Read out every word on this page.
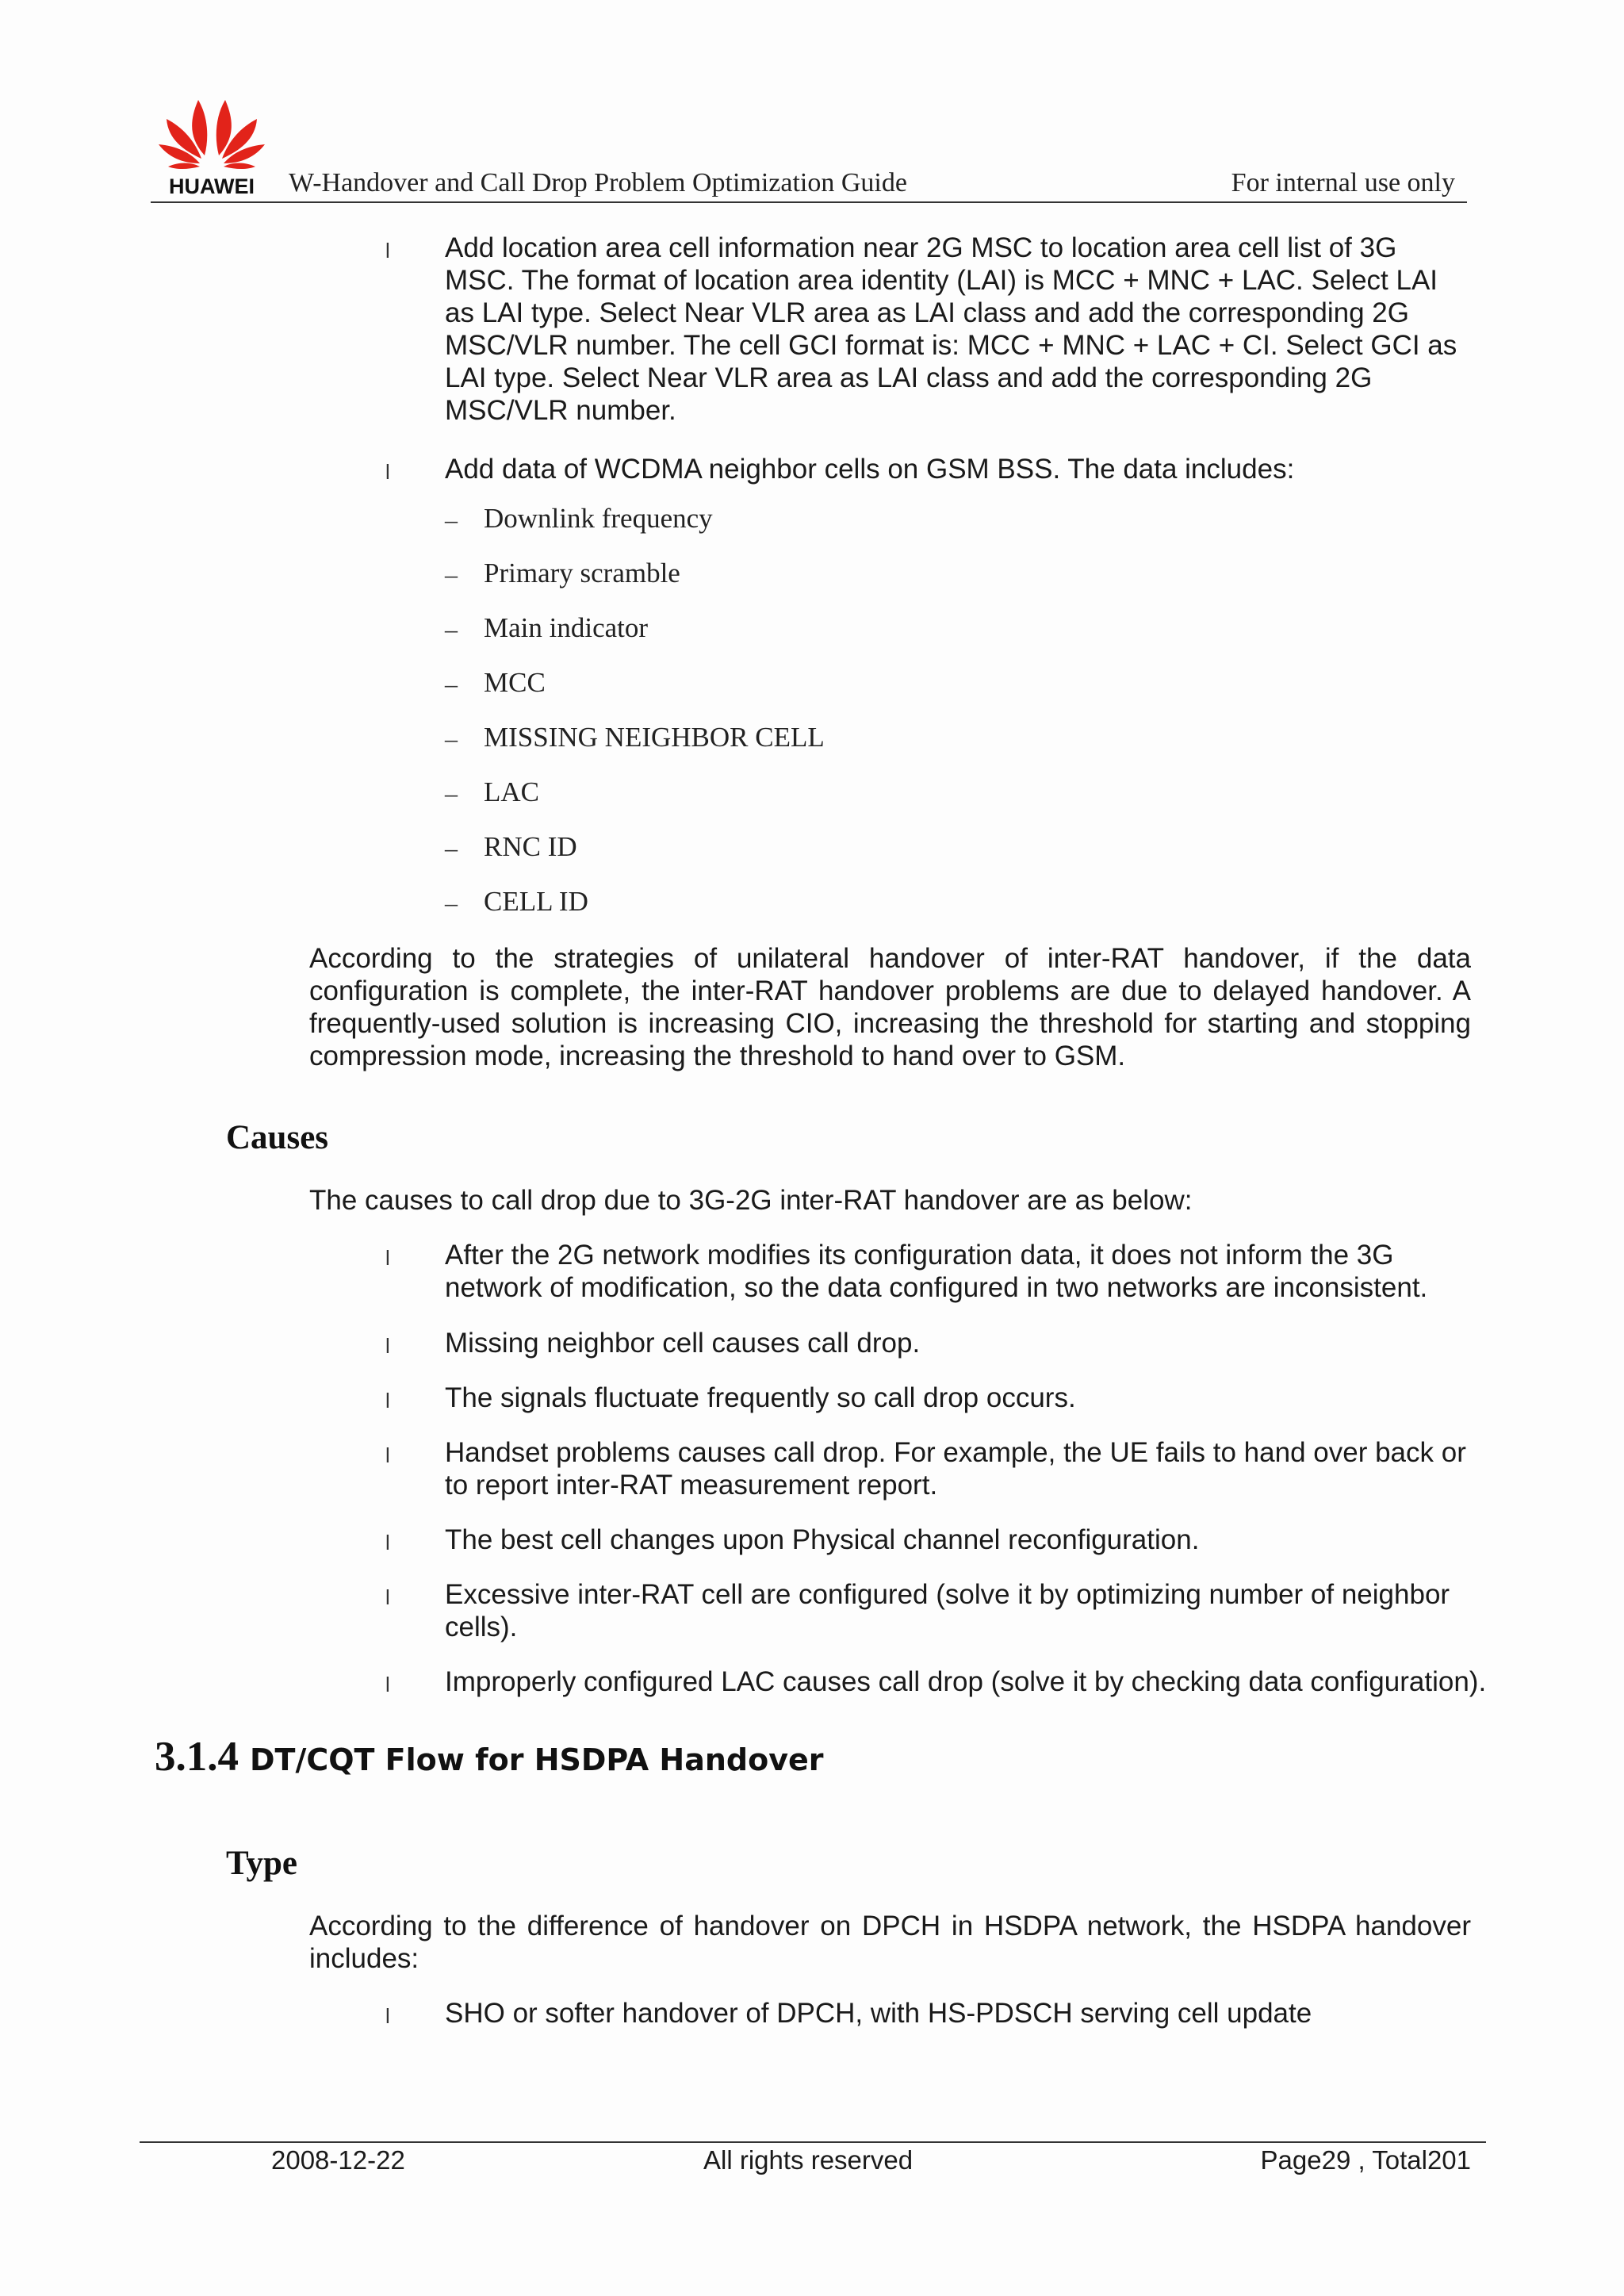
HUAWEI W-Handover and Call Drop Problem Optimization Guide	For internal use only
l Add location area cell information near 2G MSC to location area cell list of 3G MSC. The format of location area identity (LAI) is MCC + MNC + LAC. Select LAI as LAI type. Select Near VLR area as LAI class and add the corresponding 2G MSC/VLR number. The cell GCI format is: MCC + MNC + LAC + CI. Select GCI as LAI type. Select Near VLR area as LAI class and add the corresponding 2G MSC/VLR number.

l Add data of WCDMA neighbor cells on GSM BSS. The data includes:

– Downlink frequency
– Primary scramble
– Main indicator
– MCC
– MISSING NEIGHBOR CELL
– LAC
– RNC ID
– CELL ID

According to the strategies of unilateral handover of inter-RAT handover, if the data configuration is complete, the inter-RAT handover problems are due to delayed handover. A frequently-used solution is increasing CIO, increasing the threshold for starting and stopping compression mode, increasing the threshold to hand over to GSM.

Causes

The causes to call drop due to 3G-2G inter-RAT handover are as below:

l After the 2G network modifies its configuration data, it does not inform the 3G network of modification, so the data configured in two networks are inconsistent.

l Missing neighbor cell causes call drop.

l The signals fluctuate frequently so call drop occurs.

l Handset problems causes call drop. For example, the UE fails to hand over back or to report inter-RAT measurement report.

l The best cell changes upon Physical channel reconfiguration.

l Excessive inter-RAT cell are configured (solve it by optimizing number of neighbor cells).

l Improperly configured LAC causes call drop (solve it by checking data configuration).

3.1.4 DT/CQT Flow for HSDPA Handover
Type

According to the difference of handover on DPCH in HSDPA network, the HSDPA handover includes:

l SHO or softer handover of DPCH, with HS-PDSCH serving cell update

2008-12-22	All rights reserved	Page29 , Total201
